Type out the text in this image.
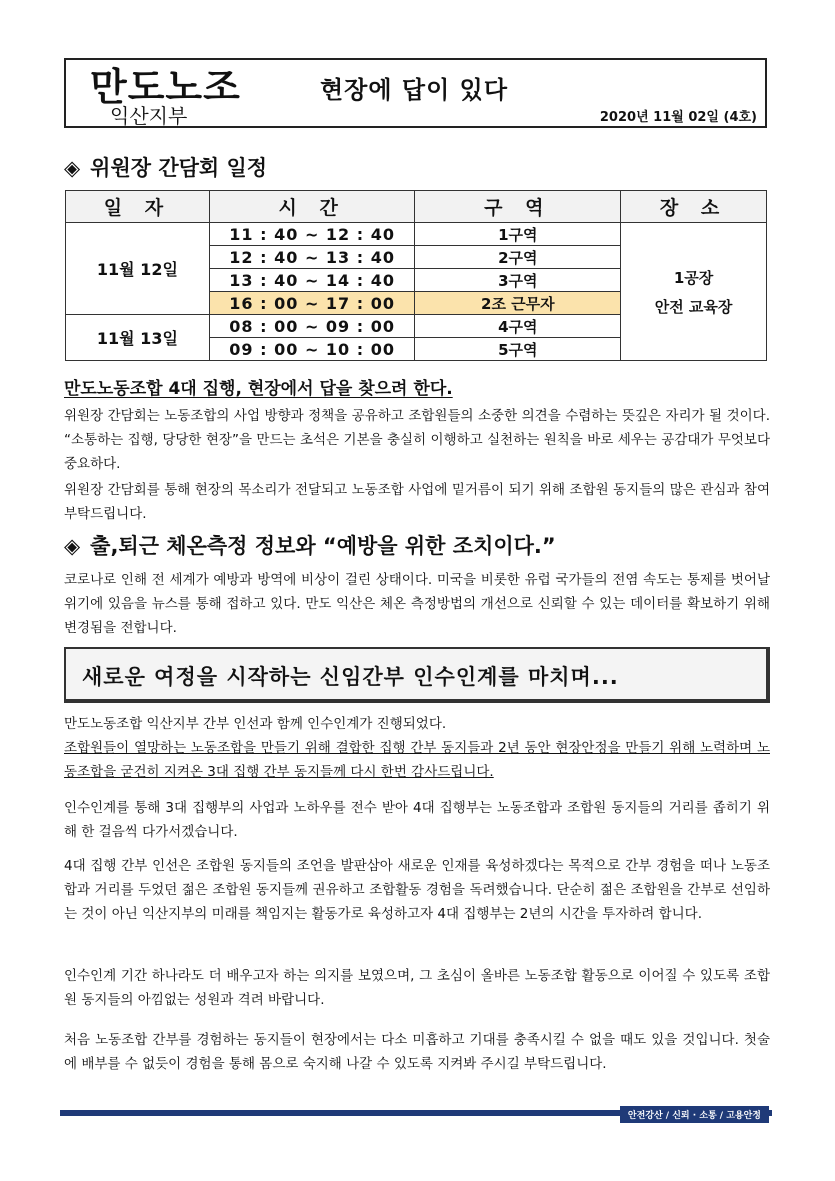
만도노조
익산지부
현장에 답이 있다
2020년 11월 02일 (4호)
◈ 위원장 간담회 일정
일 자	시 간	구 역	장 소
11월 12일	11 : 40 ~ 12 : 40	1구역	1공장
안전 교육장

	12 : 40 ~ 13 : 40	2구역	
	13 : 40 ~ 14 : 40	3구역	
	16 : 00 ~ 17 : 00	2조 근무자	
11월 13일	08 : 00 ~ 09 : 00	4구역	
	09 : 00 ~ 10 : 00	5구역	
만도노동조합 4대 집행, 현장에서 답을 찾으려 한다.

위원장 간담회는 노동조합의 사업 방향과 정책을 공유하고 조합원들의 소중한 의견을 수렴하는 뜻깊은 자리가 될 것이다. “소통하는 집행, 당당한 현장”을 만드는 초석은 기본을 충실히 이행하고 실천하는 원칙을 바로 세우는 공감대가 무엇보다 중요하다.

위원장 간담회를 통해 현장의 목소리가 전달되고 노동조합 사업에 밑거름이 되기 위해 조합원 동지들의 많은 관심과 참여 부탁드립니다.

◈ 출,퇴근 체온측정 정보와 “예방을 위한 조치이다.”

코로나로 인해 전 세계가 예방과 방역에 비상이 걸린 상태이다. 미국을 비롯한 유럽 국가들의 전염 속도는 통제를 벗어날 위기에 있음을 뉴스를 통해 접하고 있다. 만도 익산은 체온 측정방법의 개선으로 신뢰할 수 있는 데이터를 확보하기 위해 변경됨을 전합니다.

새로운 여정을 시작하는 신임간부 인수인계를 마치며...

만도노동조합 익산지부 간부 인선과 함께 인수인계가 진행되었다.

조합원들이 열망하는 노동조합을 만들기 위해 결합한 집행 간부 동지들과 2년 동안 현장안정을 만들기 위해 노력하며 노동조합을 굳건히 지켜온 3대 집행 간부 동지들께 다시 한번 감사드립니다.

인수인계를 통해 3대 집행부의 사업과 노하우를 전수 받아 4대 집행부는 노동조합과 조합원 동지들의 거리를 좁히기 위해 한 걸음씩 다가서겠습니다.

4대 집행 간부 인선은 조합원 동지들의 조언을 발판삼아 새로운 인재를 육성하겠다는 목적으로 간부 경험을 떠나 노동조합과 거리를 두었던 젊은 조합원 동지들께 권유하고 조합활동 경험을 독려했습니다. 단순히 젊은 조합원을 간부로 선임하는 것이 아닌 익산지부의 미래를 책임지는 활동가로 육성하고자 4대 집행부는 2년의 시간을 투자하려 합니다.

인수인계 기간 하나라도 더 배우고자 하는 의지를 보였으며, 그 초심이 올바른 노동조합 활동으로 이어질 수 있도록 조합원 동지들의 아낌없는 성원과 격려 바랍니다.

처음 노동조합 간부를 경험하는 동지들이 현장에서는 다소 미흡하고 기대를 충족시킬 수 없을 때도 있을 것입니다. 첫술에 배부를 수 없듯이 경험을 통해 몸으로 숙지해 나갈 수 있도록 지켜봐 주시길 부탁드립니다.

안전강산 / 신뢰 · 소통 / 고용안정
